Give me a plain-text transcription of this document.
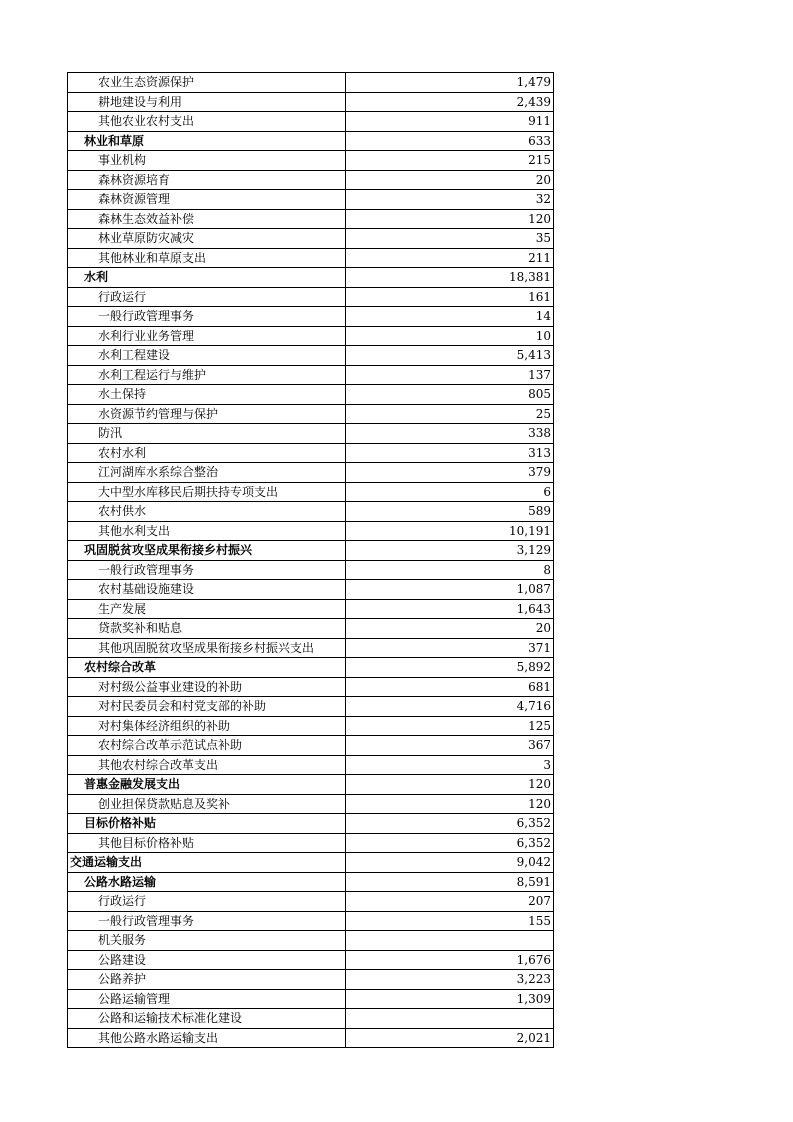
农业生态资源保护	1,479
耕地建设与利用	2,439
其他农业农村支出	911
林业和草原	633
事业机构	215
森林资源培育	20
森林资源管理	32
森林生态效益补偿	120
林业草原防灾减灾	35
其他林业和草原支出	211
水利	18,381
行政运行	161
一般行政管理事务	14
水利行业业务管理	10
水利工程建设	5,413
水利工程运行与维护	137
水土保持	805
水资源节约管理与保护	25
防汛	338
农村水利	313
江河湖库水系综合整治	379
大中型水库移民后期扶持专项支出	6
农村供水	589
其他水利支出	10,191
巩固脱贫攻坚成果衔接乡村振兴	3,129
一般行政管理事务	8
农村基础设施建设	1,087
生产发展	1,643
贷款奖补和贴息	20
其他巩固脱贫攻坚成果衔接乡村振兴支出	371
农村综合改革	5,892
对村级公益事业建设的补助	681
对村民委员会和村党支部的补助	4,716
对村集体经济组织的补助	125
农村综合改革示范试点补助	367
其他农村综合改革支出	3
普惠金融发展支出	120
创业担保贷款贴息及奖补	120
目标价格补贴	6,352
其他目标价格补贴	6,352
交通运输支出	9,042
公路水路运输	8,591
行政运行	207
一般行政管理事务	155
机关服务	
公路建设	1,676
公路养护	3,223
公路运输管理	1,309
公路和运输技术标准化建设	
其他公路水路运输支出	2,021
